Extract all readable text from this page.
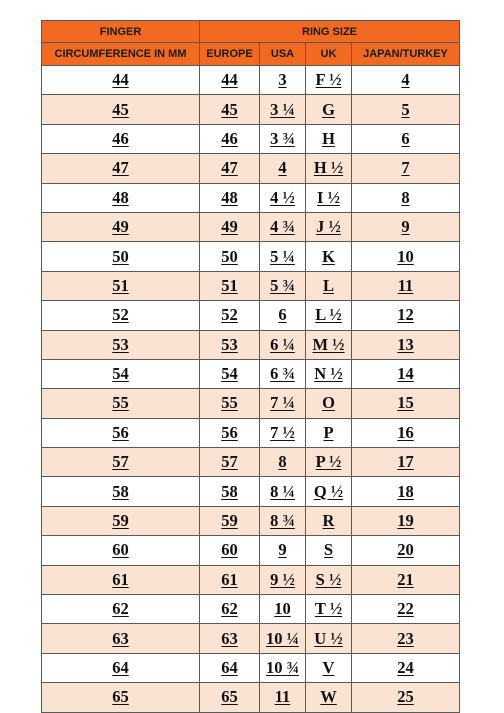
FINGER	RING SIZE			
CIRCUMFERENCE IN MM	EUROPE	USA	UK	JAPAN/TURKEY
44	44	3	F ½	4
45	45	3 ¼	G	5
46	46	3 ¾	H	6
47	47	4	H ½	7
48	48	4 ½	I ½	8
49	49	4 ¾	J ½	9
50	50	5 ¼	K	10
51	51	5 ¾	L	11
52	52	6	L ½	12
53	53	6 ¼	M ½	13
54	54	6 ¾	N ½	14
55	55	7 ¼	O	15
56	56	7 ½	P	16
57	57	8	P ½	17
58	58	8 ¼	Q ½	18
59	59	8 ¾	R	19
60	60	9	S	20
61	61	9 ½	S ½	21
62	62	10	T ½	22
63	63	10 ¼	U ½	23
64	64	10 ¾	V	24
65	65	11	W	25
